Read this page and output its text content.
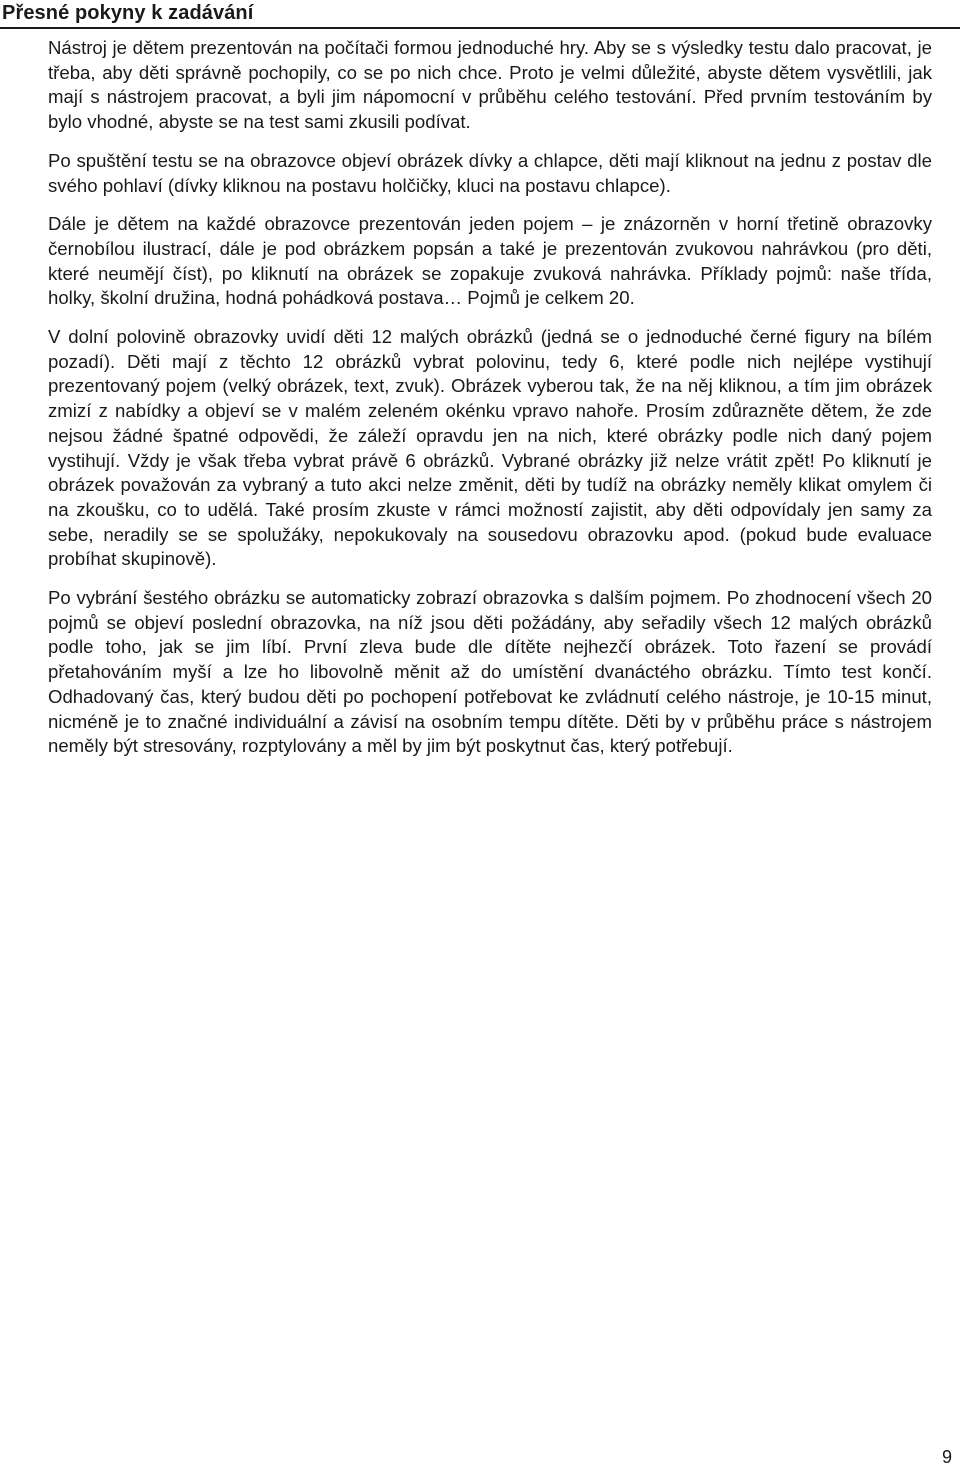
Přesné pokyny k zadávání

Nástroj je dětem prezentován na počítači formou jednoduché hry. Aby se s výsledky testu dalo pracovat, je třeba, aby děti správně pochopily, co se po nich chce. Proto je velmi důležité, abyste dětem vysvětlili, jak mají s nástrojem pracovat, a byli jim nápomocní v průběhu celého testování. Před prvním testováním by bylo vhodné, abyste se na test sami zkusili podívat.

Po spuštění testu se na obrazovce objeví obrázek dívky a chlapce, děti mají kliknout na jednu z postav dle svého pohlaví (dívky kliknou na postavu holčičky, kluci na postavu chlapce).

Dále je dětem na každé obrazovce prezentován jeden pojem – je znázorněn v horní třetině obrazovky černobílou ilustrací, dále je pod obrázkem popsán a také je prezentován zvukovou nahrávkou (pro děti, které neumějí číst), po kliknutí na obrázek se zopakuje zvuková nahrávka. Příklady pojmů: naše třída, holky, školní družina, hodná pohádková postava… Pojmů je celkem 20.

V dolní polovině obrazovky uvidí děti 12 malých obrázků (jedná se o jednoduché černé figury na bílém pozadí). Děti mají z těchto 12 obrázků vybrat polovinu, tedy 6, které podle nich nejlépe vystihují prezentovaný pojem (velký obrázek, text, zvuk). Obrázek vyberou tak, že na něj kliknou, a tím jim obrázek zmizí z nabídky a objeví se v malém zeleném okénku vpravo nahoře. Prosím zdůrazněte dětem, že zde nejsou žádné špatné odpovědi, že záleží opravdu jen na nich, které obrázky podle nich daný pojem vystihují. Vždy je však třeba vybrat právě 6 obrázků. Vybrané obrázky již nelze vrátit zpět! Po kliknutí je obrázek považován za vybraný a tuto akci nelze změnit, děti by tudíž na obrázky neměly klikat omylem či na zkoušku, co to udělá. Také prosím zkuste v rámci možností zajistit, aby děti odpovídaly jen samy za sebe, neradily se se spolužáky, nepokukovaly na sousedovu obrazovku apod. (pokud bude evaluace probíhat skupinově).

Po vybrání šestého obrázku se automaticky zobrazí obrazovka s dalším pojmem. Po zhodnocení všech 20 pojmů se objeví poslední obrazovka, na níž jsou děti požádány, aby seřadily všech 12 malých obrázků podle toho, jak se jim líbí. První zleva bude dle dítěte nejhezčí obrázek. Toto řazení se provádí přetahováním myší a lze ho libovolně měnit až do umístění dvanáctého obrázku. Tímto test končí. Odhadovaný čas, který budou děti po pochopení potřebovat ke zvládnutí celého nástroje, je 10-15 minut, nicméně je to značné individuální a závisí na osobním tempu dítěte. Děti by v průběhu práce s nástrojem neměly být stresovány, rozptylovány a měl by jim být poskytnut čas, který potřebují.

9
